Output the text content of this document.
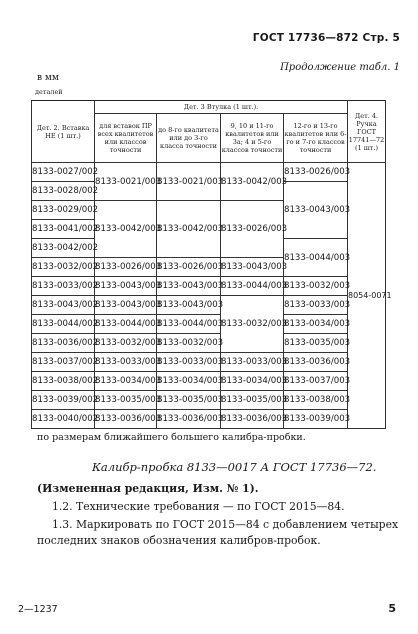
ГОСТ 17736—872 Стр. 5
Продолжение табл. 1
в мм
деталей
Дет. 2. Вставка НЕ (1 шт.)	Дет. 3 Втулка (1 шт.).				Дет. 4. Ручка ГОСТ 17741—72 (1 шт.)
	для вставок ПР всех квалитетов или классов точности	до 8-го квалитета или до 3-го класса точности	9, 10 и 11-го квалитетов или 3а; 4 и 5-го классов точности	12-го и 13-го квалитетов или 6-го и 7-го классов точности	
8133-0027/002	8133-0021/003	8133-0021/003	8133-0042/003	8133-0026/003	8054-0071
8133-0028/002				8133-0043/003	
8133-0029/002	8133-0042/003	8133-0042/003	8133-0026/003		
8133-0041/002					
8133-0042/002				8133-0044/003	
8133-0032/002	8133-0026/003	8133-0026/003	8133-0043/003		
8133-0033/002	8133-0043/003	8133-0043/003	8133-0044/003	8133-0032/003	
8133-0043/002	8133-0043/003	8133-0043/003	8133-0032/003	8133-0033/003	
8133-0044/002	8133-0044/003	8133-0044/003		8133-0034/003	
8133-0036/002	8133-0032/003	8133-0032/003		8133-0035/003	
8133-0037/002	8133-0033/003	8133-0033/003	8133-0033/003	8133-0036/003	
8133-0038/002	8133-0034/003	8133-0034/003	8133-0034/003	8133-0037/003	
8133-0039/002	8133-0035/003	8133-0035/003	8133-0035/003	8133-0038/003	
8133-0040/002	8133-0036/003	8133-0036/003	8133-0036/003	8133-0039/003	
по размерам ближайшего большего калибра-пробки.
Калибр-пробка 8133—0017 А ГОСТ 17736—72.
(Измененная редакция, Изм. № 1).
1.2. Технические требования — по ГОСТ 2015—84.
1.3. Маркировать по ГОСТ 2015—84 с добавлением четырех
последних знаков обозначения калибров-пробок.
2—1237	5
